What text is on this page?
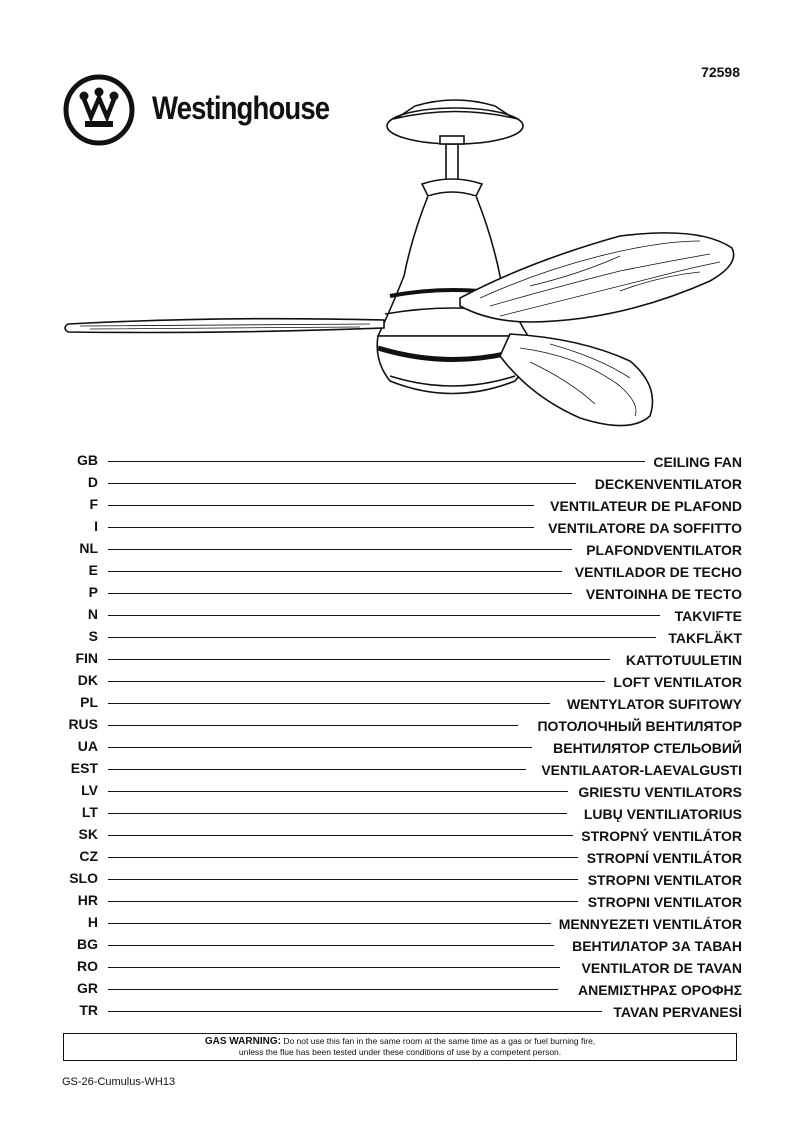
Westinghouse
72598
GB	CEILING FAN
D	DECKENVENTILATOR
F	VENTILATEUR DE PLAFOND
I	VENTILATORE DA SOFFITTO
NL	PLAFONDVENTILATOR
E	VENTILADOR DE TECHO
P	VENTOINHA DE TECTO
N	TAKVIFTE
S	TAKFLÄKT
FIN	KATTOTUULETIN
DK	LOFT VENTILATOR
PL	WENTYLATOR SUFITOWY
RUS	ПОТОЛОЧНЫЙ ВЕНТИЛЯТОР
UA	ВЕНТИЛЯТОР СТЕЛЬОВИЙ
EST	VENTILAATOR-LAEVALGUSTI
LV	GRIESTU VENTILATORS
LT	LUBŲ VENTILIATORIUS
SK	STROPNÝ VENTILÁTOR
CZ	STROPNÍ VENTILÁTOR
SLO	STROPNI VENTILATOR
HR	STROPNI VENTILATOR
H	MENNYEZETI VENTILÁTOR
BG	ВЕНТИЛАТОР ЗА ТАВАН
RO	VENTILATOR DE TAVAN
GR	ΑΝΕΜΙΣΤΗΡΑΣ ΟΡΟΦΗΣ
TR	TAVAN PERVANESİ
GAS WARNING: Do not use this fan in the same room at the same time as a gas or fuel burning fire,
unless the flue has been tested under these conditions of use by a competent person.
GS-26-Cumulus-WH13
